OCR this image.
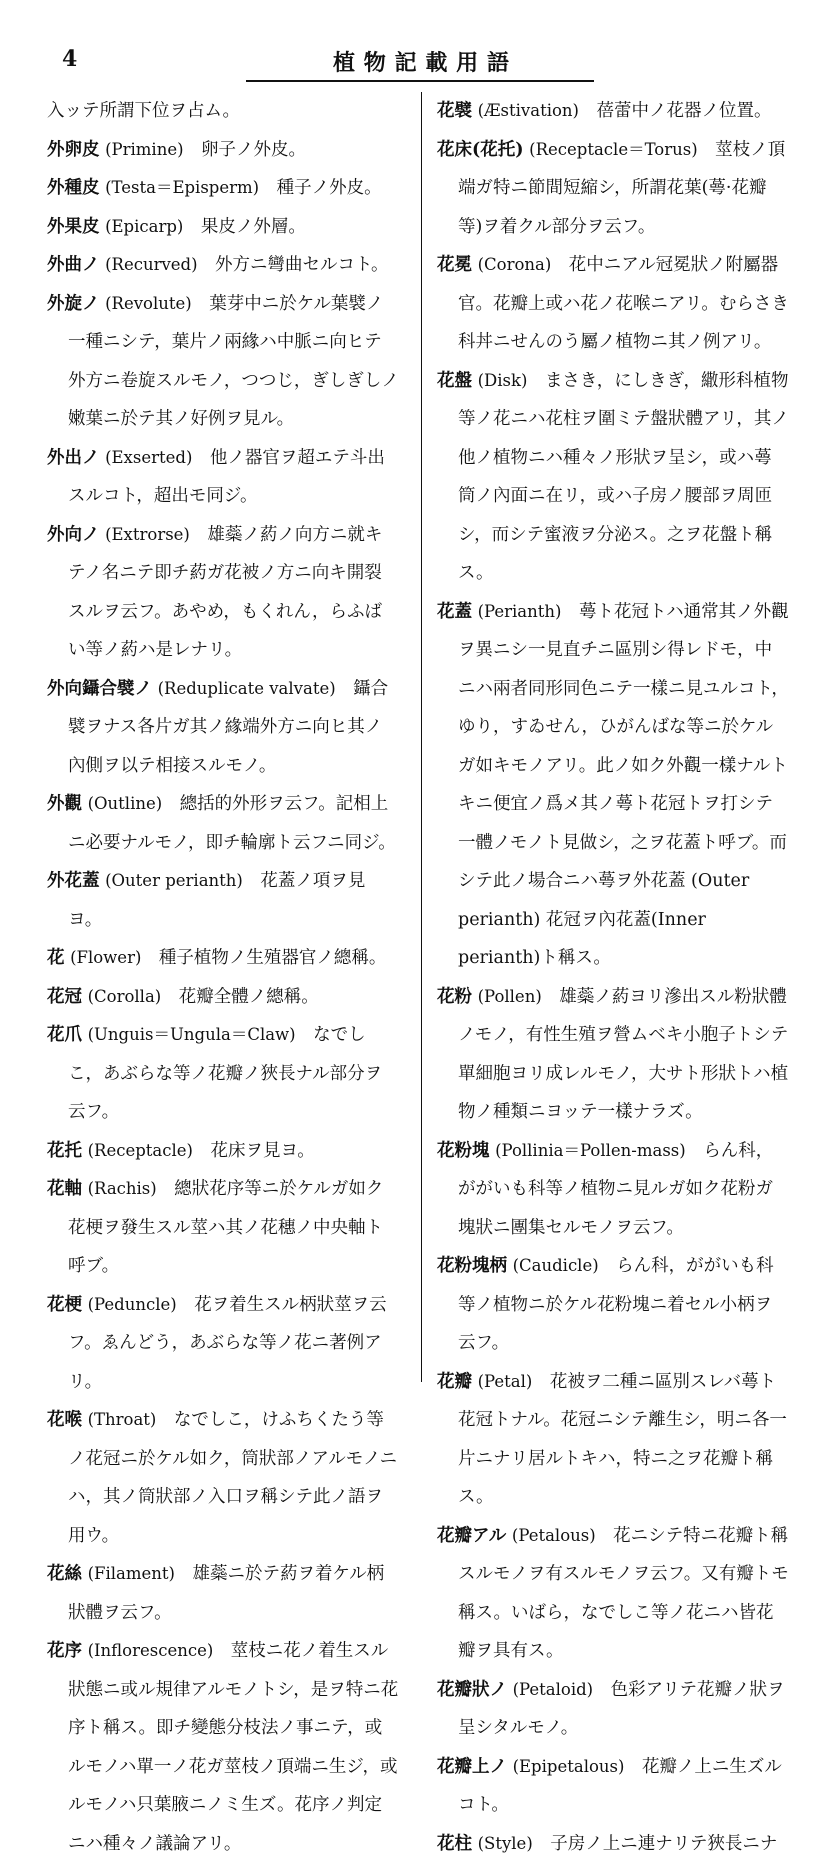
4	植物記載用語

入ッテ所謂下位ヲ占ム。

外卵皮 (Primine)  卵子ノ外皮。

外種皮 (Testa＝Episperm)  種子ノ外皮。

外果皮 (Epicarp)  果皮ノ外層。

外曲ノ (Recurved)  外方ニ彎曲セルコト。

外旋ノ (Revolute)  葉芽中ニ於ケル葉襞ノ一種ニシテ，葉片ノ兩緣ハ中脈ニ向ヒテ外方ニ卷旋スルモノ，つつじ，ぎしぎしノ嫩葉ニ於テ其ノ好例ヲ見ル。

外出ノ (Exserted)  他ノ器官ヲ超エテ斗出スルコト，超出モ同ジ。

外向ノ (Extrorse)  雄蘂ノ葯ノ向方ニ就キテノ名ニテ即チ葯ガ花被ノ方ニ向キ開裂スルヲ云フ。あやめ，もくれん，らふばい等ノ葯ハ是レナリ。

外向鑷合襞ノ (Reduplicate valvate)  鑷合襞ヲナス各片ガ其ノ緣端外方ニ向ヒ其ノ內側ヲ以テ相接スルモノ。

外觀 (Outline)  總括的外形ヲ云フ。記相上ニ必要ナルモノ，即チ輪廓ト云フニ同ジ。

外花蓋 (Outer perianth)  花蓋ノ項ヲ見ヨ。

花 (Flower)  種子植物ノ生殖器官ノ總稱。

花冠 (Corolla)  花瓣全體ノ總稱。

花爪 (Unguis＝Ungula＝Claw)  なでしこ，あぶらな等ノ花瓣ノ狹長ナル部分ヲ云フ。

花托 (Receptacle)  花床ヲ見ヨ。

花軸 (Rachis)  總狀花序等ニ於ケルガ如ク花梗ヲ發生スル莖ハ其ノ花穗ノ中央軸ト呼ブ。

花梗 (Peduncle)  花ヲ着生スル柄狀莖ヲ云フ。ゑんどう，あぶらな等ノ花ニ著例アリ。

花喉 (Throat)  なでしこ，けふちくたう等ノ花冠ニ於ケル如ク，筒狀部ノアルモノニハ，其ノ筒狀部ノ入口ヲ稱シテ此ノ語ヲ用ウ。

花絲 (Filament)  雄蘂ニ於テ葯ヲ着ケル柄狀體ヲ云フ。

花序 (Inflorescence)  莖枝ニ花ノ着生スル狀態ニ或ル規律アルモノトシ，是ヲ特ニ花序ト稱ス。即チ變態分枝法ノ事ニテ，或ルモノハ單一ノ花ガ莖枝ノ頂端ニ生ジ，或ルモノハ只葉腋ニノミ生ズ。花序ノ判定ニハ種々ノ議論アリ。

花襞 (Æstivation)  蓓蕾中ノ花器ノ位置。

花床(花托) (Receptacle＝Torus)  莖枝ノ頂端ガ特ニ節間短縮シ，所謂花葉(蕚·花瓣等)ヲ着クル部分ヲ云フ。

花冕 (Corona)  花中ニアル冠冕狀ノ附屬器官。花瓣上或ハ花ノ花喉ニアリ。むらさき科丼ニせんのう屬ノ植物ニ其ノ例アリ。

花盤 (Disk)  まさき，にしきぎ，繖形科植物等ノ花ニハ花柱ヲ圍ミテ盤狀體アリ，其ノ他ノ植物ニハ種々ノ形狀ヲ呈シ，或ハ蕚筒ノ內面ニ在リ，或ハ子房ノ腰部ヲ周匝シ，而シテ蜜液ヲ分泌ス。之ヲ花盤ト稱ス。

花蓋 (Perianth)  蕚ト花冠トハ通常其ノ外觀ヲ異ニシ一見直チニ區別シ得レドモ，中ニハ兩者同形同色ニテ一樣ニ見ユルコト，ゆり，すゐせん，ひがんばな等ニ於ケルガ如キモノアリ。此ノ如ク外觀一樣ナルトキニ便宜ノ爲メ其ノ蕚ト花冠トヲ打シテ一體ノモノト見做シ，之ヲ花蓋ト呼ブ。而シテ此ノ場合ニハ蕚ヲ外花蓋 (Outer perianth) 花冠ヲ內花蓋(Inner perianth)ト稱ス。

花粉 (Pollen)  雄蘂ノ葯ヨリ滲出スル粉狀體ノモノ，有性生殖ヲ營ムベキ小胞子トシテ單細胞ヨリ成レルモノ，大サト形狀トハ植物ノ種類ニヨッテ一樣ナラズ。

花粉塊 (Pollinia＝Pollen-mass)  らん科，ががいも科等ノ植物ニ見ルガ如ク花粉ガ塊狀ニ團集セルモノヲ云フ。

花粉塊柄 (Caudicle)  らん科，ががいも科等ノ植物ニ於ケル花粉塊ニ着セル小柄ヲ云フ。

花瓣 (Petal)  花被ヲ二種ニ區別スレバ蕚ト花冠トナル。花冠ニシテ離生シ，明ニ各一片ニナリ居ルトキハ，特ニ之ヲ花瓣ト稱ス。

花瓣アル (Petalous)  花ニシテ特ニ花瓣ト稱スルモノヲ有スルモノヲ云フ。又有瓣トモ稱ス。いばら，なでしこ等ノ花ニハ皆花瓣ヲ具有ス。

花瓣狀ノ (Petaloid)  色彩アリテ花瓣ノ狀ヲ呈シタルモノ。

花瓣上ノ (Epipetalous)  花瓣ノ上ニ生ズルコト。

花柱 (Style)  子房ノ上ニ連ナリテ狹長ニナ
